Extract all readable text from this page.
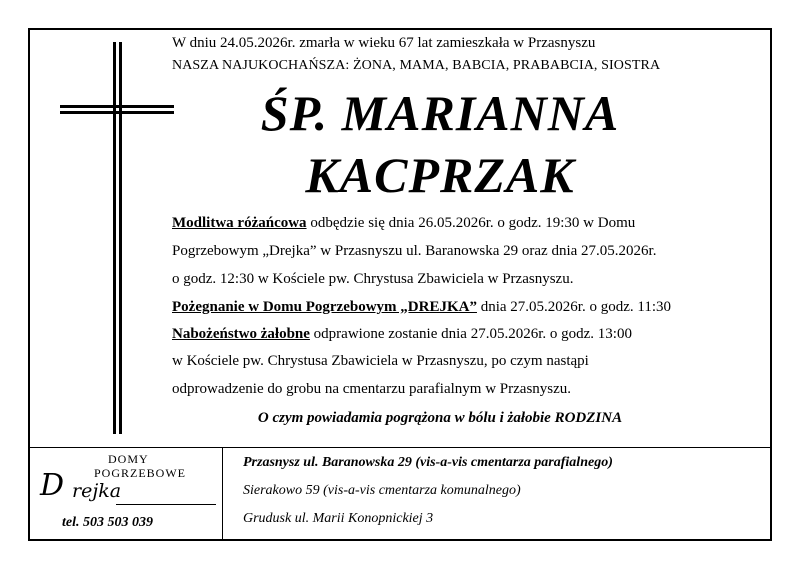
W dniu 24.05.2026r. zmarła w wieku 67 lat zamieszkała w Przasnyszu
NASZA NAJUKOCHAŃSZA: ŻONA, MAMA, BABCIA, PRABABCIA, SIOSTRA
ŚP. MARIANNA
KACPRZAK
Modlitwa różańcowa odbędzie się dnia 26.05.2026r. o godz. 19:30 w Domu
Pogrzebowym „Drejka” w Przasnyszu ul. Baranowska 29 oraz dnia 27.05.2026r.
o godz. 12:30 w Kościele pw. Chrystusa Zbawiciela w Przasnyszu.
Pożegnanie w Domu Pogrzebowym „DREJKA” dnia 27.05.2026r. o godz. 11:30
Nabożeństwo żałobne odprawione zostanie dnia 27.05.2026r. o godz. 13:00
w Kościele pw. Chrystusa Zbawiciela w Przasnyszu, po czym nastąpi
odprowadzenie do grobu na cmentarzu parafialnym w Przasnyszu.
O czym powiadamia pogrążona w bólu i żałobie RODZINA
DOMY
POGRZEBOWE
D rejka
tel. 503 503 039
Przasnysz ul. Baranowska 29 (vis-a-vis cmentarza parafialnego)
Sierakowo 59 (vis-a-vis cmentarza komunalnego)
Grudusk ul. Marii Konopnickiej 3
